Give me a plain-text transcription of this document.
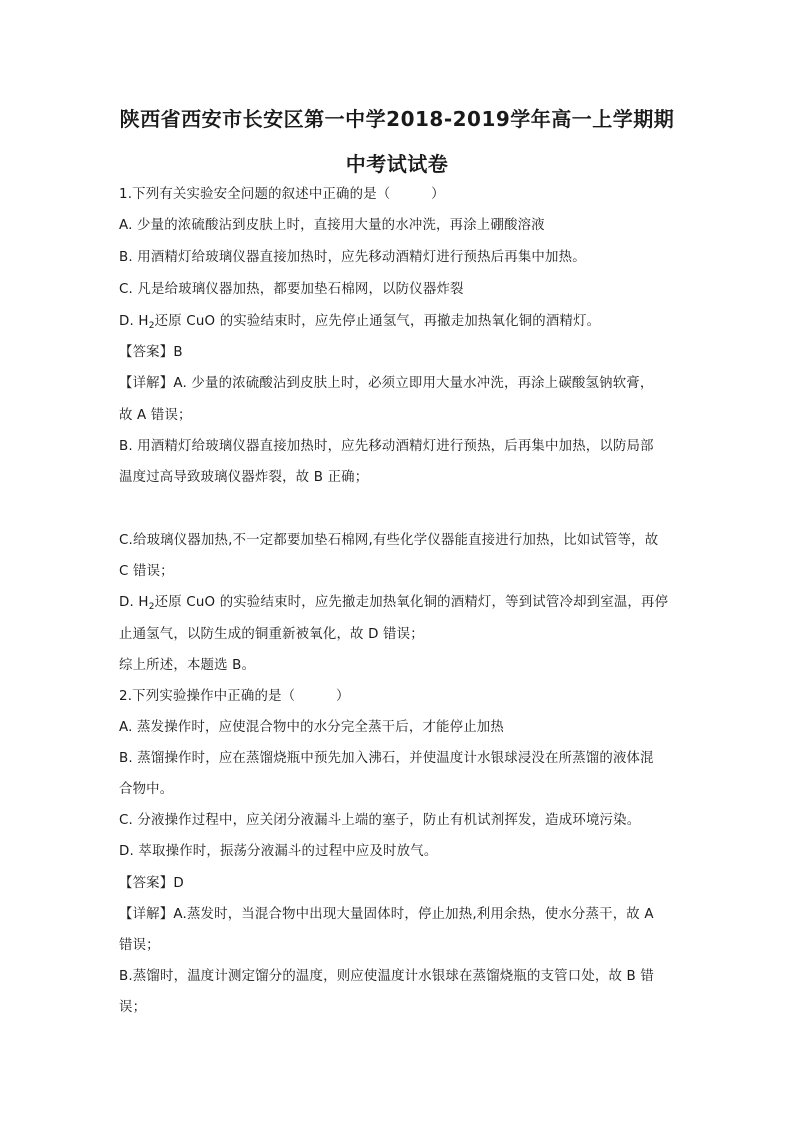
陕西省西安市长安区第一中学2018-2019学年高一上学期期
中考试试卷
1.下列有关实验安全问题的叙述中正确的是（　　　）
A. 少量的浓硫酸沾到皮肤上时，直接用大量的水冲洗，再涂上硼酸溶液
B. 用酒精灯给玻璃仪器直接加热时，应先移动酒精灯进行预热后再集中加热。
C. 凡是给玻璃仪器加热，都要加垫石棉网，以防仪器炸裂
D. $H_2$还原 CuO 的实验结束时，应先停止通氢气，再撤走加热氧化铜的酒精灯。
【答案】B
【详解】A. 少量的浓硫酸沾到皮肤上时，必须立即用大量水冲洗，再涂上碳酸氢钠软膏，
故 A 错误；
B. 用酒精灯给玻璃仪器直接加热时，应先移动酒精灯进行预热，后再集中加热，以防局部
温度过高导致玻璃仪器炸裂，故 B 正确；
C.给玻璃仪器加热,不一定都要加垫石棉网,有些化学仪器能直接进行加热，比如试管等，故
C 错误；
D. $H_2$还原 CuO 的实验结束时，应先撤走加热氧化铜的酒精灯，等到试管冷却到室温，再停
止通氢气，以防生成的铜重新被氧化，故 D 错误；
综上所述，本题选 B。
2.下列实验操作中正确的是（　　　）
A. 蒸发操作时，应使混合物中的水分完全蒸干后，才能停止加热
B. 蒸馏操作时，应在蒸馏烧瓶中预先加入沸石，并使温度计水银球浸没在所蒸馏的液体混
合物中。
C. 分液操作过程中，应关闭分液漏斗上端的塞子，防止有机试剂挥发，造成环境污染。
D. 萃取操作时，振荡分液漏斗的过程中应及时放气。
【答案】D
【详解】A.蒸发时，当混合物中出现大量固体时，停止加热,利用余热，使水分蒸干，故 A
错误；
B.蒸馏时，温度计测定馏分的温度，则应使温度计水银球在蒸馏烧瓶的支管口处，故 B 错
误；
